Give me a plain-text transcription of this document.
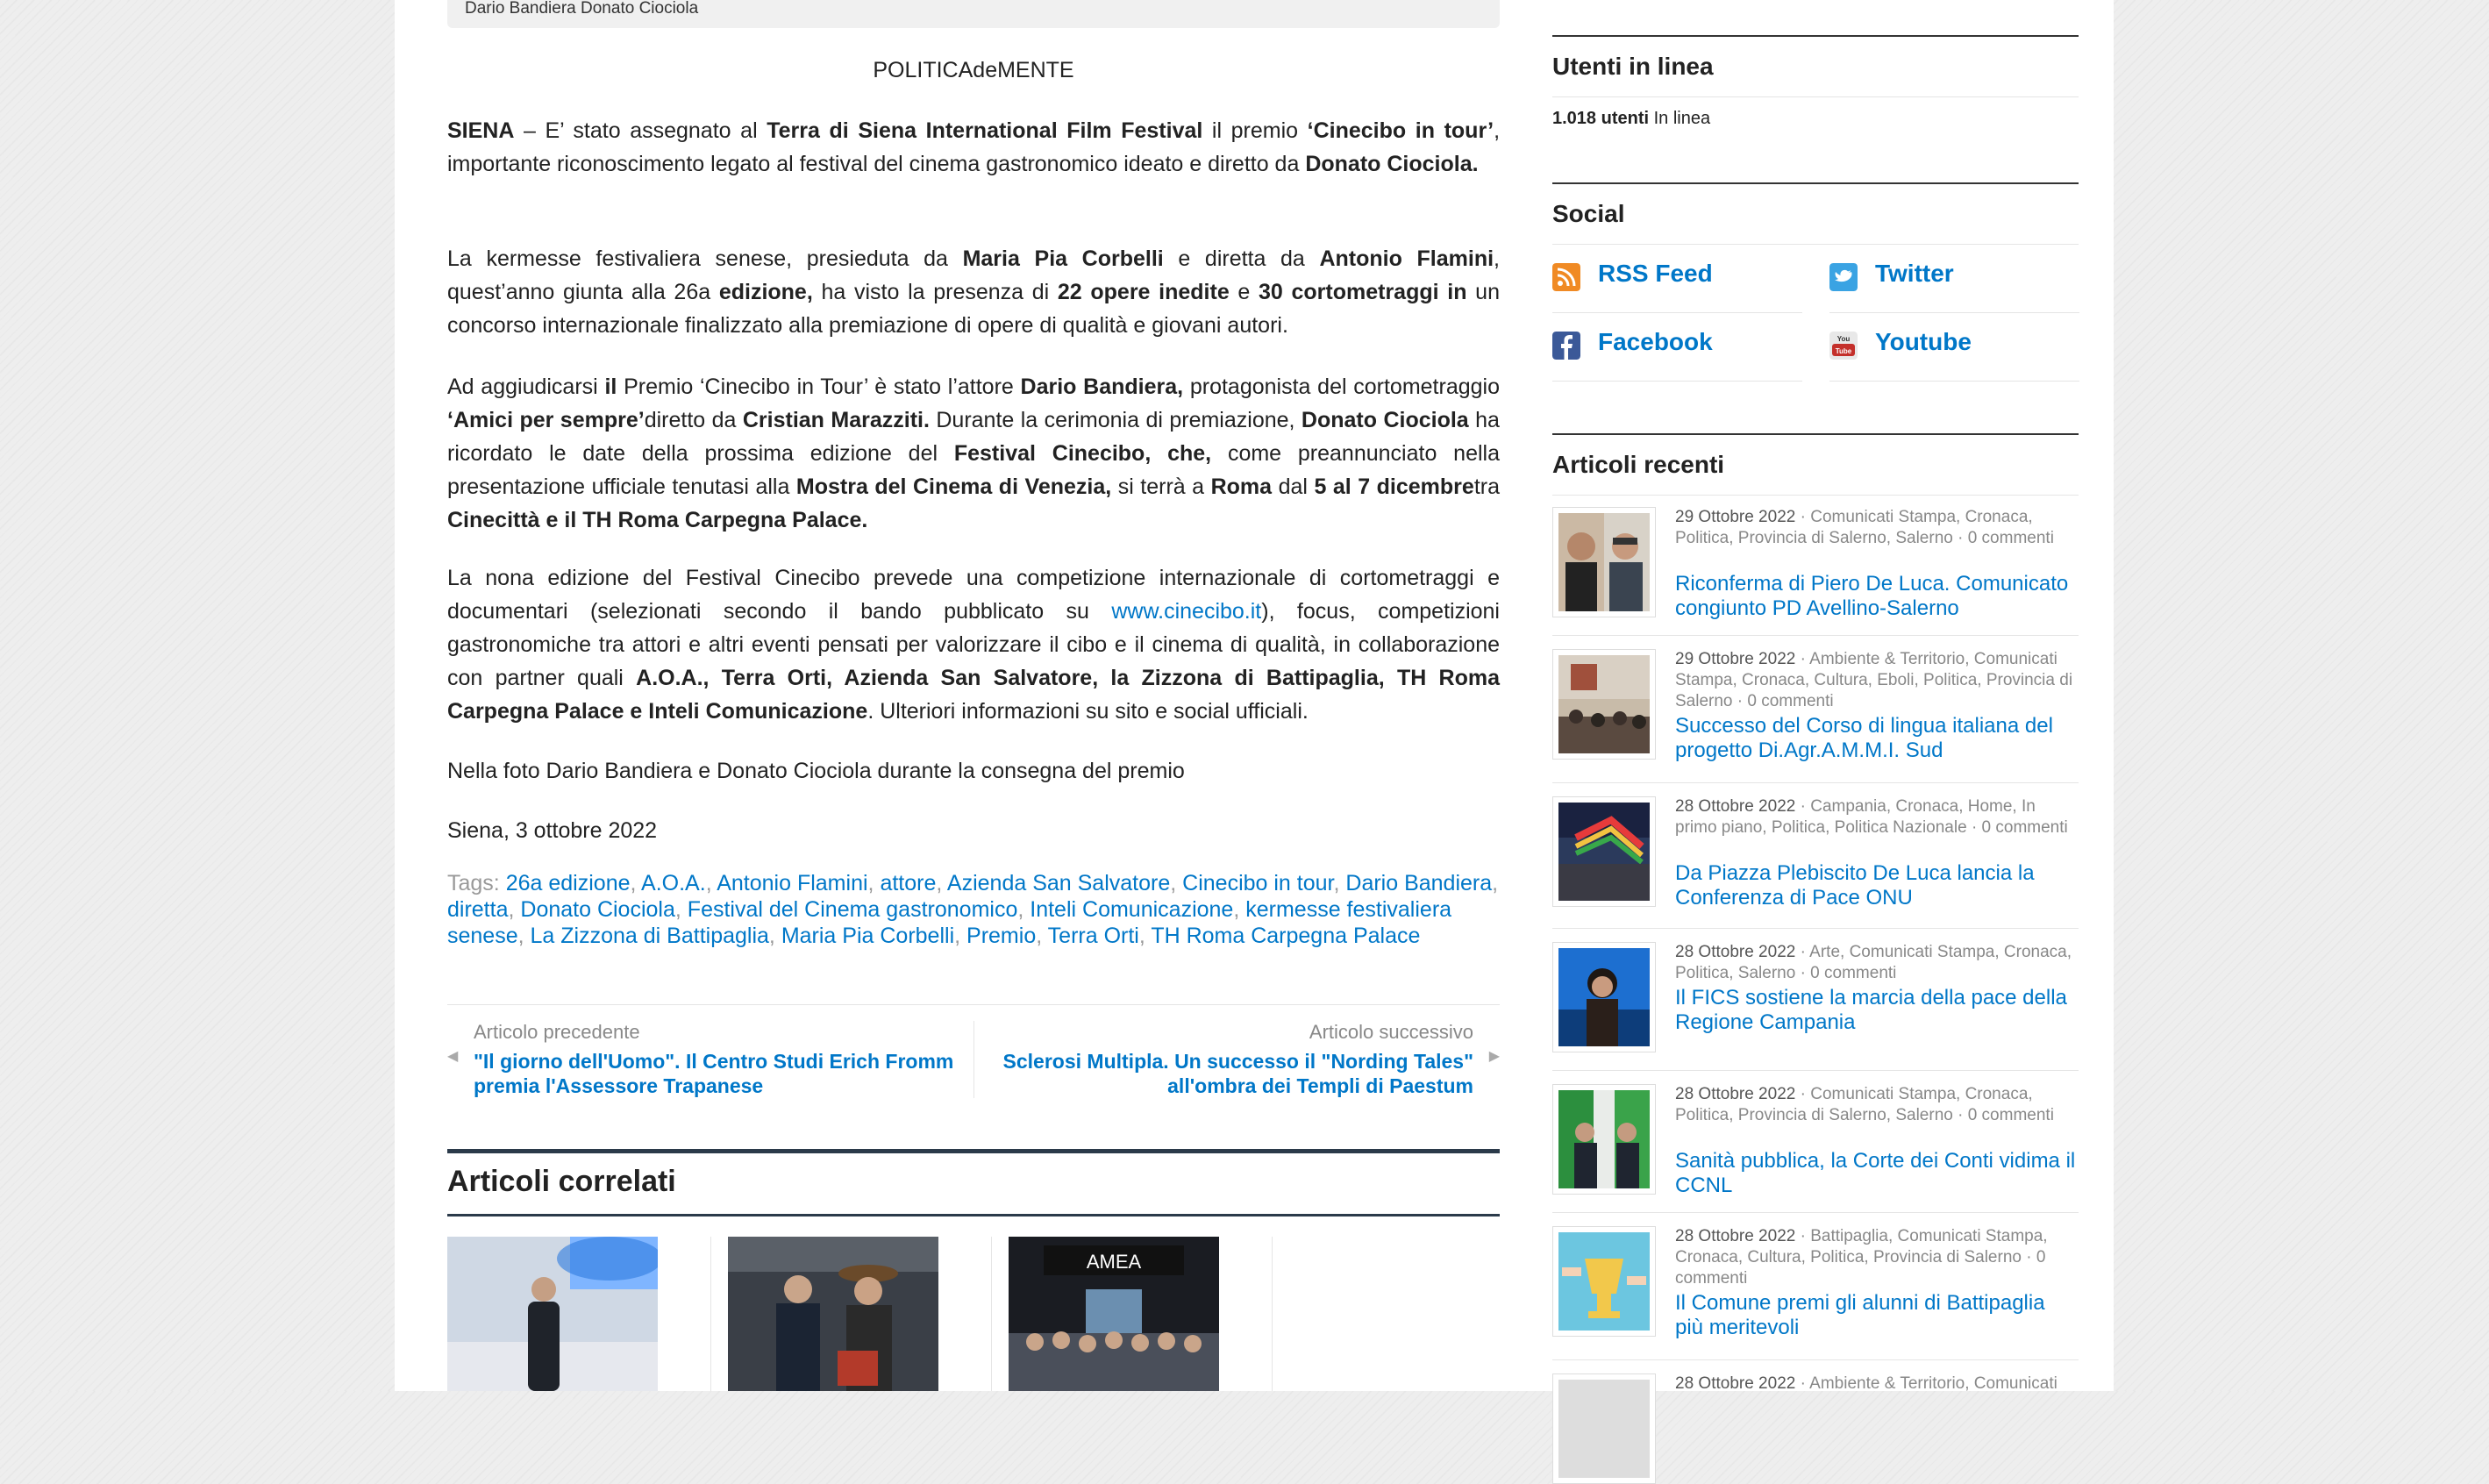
Dario Bandiera Donato Ciociola
POLITICAdeMENTE

SIENA – E’ stato assegnato al Terra di Siena International Film Festival il premio ‘Cinecibo in tour’, importante riconoscimento legato al festival del cinema gastronomico ideato e diretto da Donato Ciociola.

La kermesse festivaliera senese, presieduta da Maria Pia Corbelli e diretta da Antonio Flamini, quest’anno giunta alla 26a edizione, ha visto la presenza di 22 opere inedite e 30 cortometraggi in un concorso internazionale finalizzato alla premiazione di opere di qualità e giovani autori.

Ad aggiudicarsi il Premio ‘Cinecibo in Tour’ è stato l’attore Dario Bandiera, protagonista del cortometraggio ‘Amici per sempre’diretto da Cristian Marazziti. Durante la cerimonia di premiazione, Donato Ciociola ha ricordato le date della prossima edizione del Festival Cinecibo, che, come preannunciato nella presentazione ufficiale tenutasi alla Mostra del Cinema di Venezia, si terrà a Roma dal 5 al 7 dicembretra Cinecittà e il TH Roma Carpegna Palace.

La nona edizione del Festival Cinecibo prevede una competizione internazionale di cortometraggi e documentari (selezionati secondo il bando pubblicato su www.cinecibo.it), focus, competizioni gastronomiche tra attori e altri eventi pensati per valorizzare il cibo e il cinema di qualità, in collaborazione con partner quali A.O.A., Terra Orti, Azienda San Salvatore, la Zizzona di Battipaglia, TH Roma Carpegna Palace e Inteli Comunicazione. Ulteriori informazioni su sito e social ufficiali.

Nella foto Dario Bandiera e Donato Ciociola durante la consegna del premio

Siena, 3 ottobre 2022

Tags: 26a edizione, A.O.A., Antonio Flamini, attore, Azienda San Salvatore, Cinecibo in tour, Dario Bandiera, diretta, Donato Ciociola, Festival del Cinema gastronomico, Inteli Comunicazione, kermesse festivaliera senese, La Zizzona di Battipaglia, Maria Pia Corbelli, Premio, Terra Orti, TH Roma Carpegna Palace
◀
Articolo precedente
"Il giorno dell'Uomo". Il Centro Studi Erich Fromm premia l'Assessore Trapanese
Articolo successivo
Sclerosi Multipla. Un successo il "Nording Tales" all'ombra dei Templi di Paestum
▶
Articoli correlati
AMEA
Utenti in linea
1.018 utenti In linea
Social
RSS Feed	Twitter
Facebook	You
Tube Youtube
Articoli recenti
29 Ottobre 2022 · Comunicati Stampa, Cronaca, Politica, Provincia di Salerno, Salerno · 0 commenti
Riconferma di Piero De Luca. Comunicato congiunto PD Avellino-Salerno
29 Ottobre 2022 · Ambiente & Territorio, Comunicati Stampa, Cronaca, Cultura, Eboli, Politica, Provincia di Salerno · 0 commenti
Successo del Corso di lingua italiana del progetto Di.Agr.A.M.M.I. Sud
28 Ottobre 2022 · Campania, Cronaca, Home, In primo piano, Politica, Politica Nazionale · 0 commenti
Da Piazza Plebiscito De Luca lancia la Conferenza di Pace ONU
28 Ottobre 2022 · Arte, Comunicati Stampa, Cronaca, Politica, Salerno · 0 commenti
Il FICS sostiene la marcia della pace della Regione Campania
28 Ottobre 2022 · Comunicati Stampa, Cronaca, Politica, Provincia di Salerno, Salerno · 0 commenti
Sanità pubblica, la Corte dei Conti vidima il CCNL
28 Ottobre 2022 · Battipaglia, Comunicati Stampa, Cronaca, Cultura, Politica, Provincia di Salerno · 0 commenti
Il Comune premi gli alunni di Battipaglia più meritevoli
28 Ottobre 2022 · Ambiente & Territorio, Comunicati
